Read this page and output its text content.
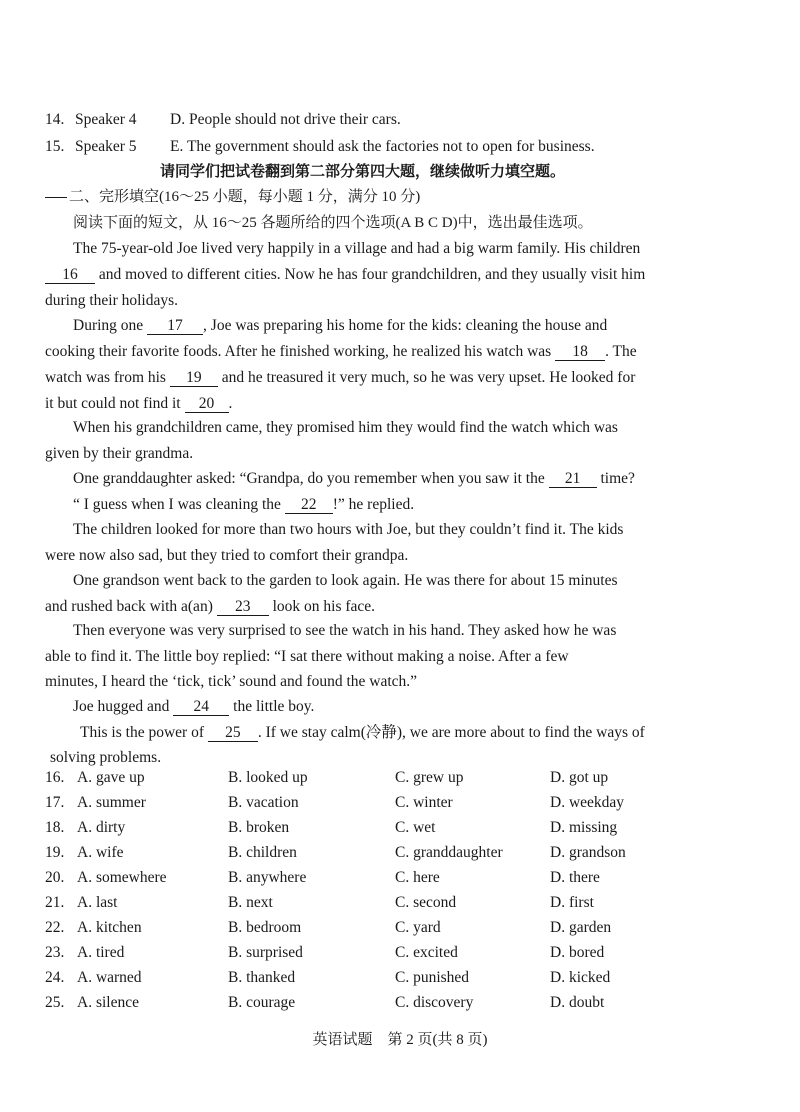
14. Speaker 4 D. People should not drive their cars.
15. Speaker 5 E. The government should ask the factories not to open for business.
请同学们把试卷翻到第二部分第四大题，继续做听力填空题。
二、完形填空(16～25 小题，每小题 1 分，满分 10 分)
阅读下面的短文，从 16～25 各题所给的四个选项(A B C D)中，选出最佳选项。
The 75-year-old Joe lived very happily in a village and had a big warm family. His children
16 and moved to different cities. Now he has four grandchildren, and they usually visit him
during their holidays.
During one 17 , Joe was preparing his home for the kids: cleaning the house and
cooking their favorite foods. After he finished working, he realized his watch was 18 . The
watch was from his 19 and he treasured it very much, so he was very upset. He looked for
it but could not find it 20 .
When his grandchildren came, they promised him they would find the watch which was
given by their grandma.
One granddaughter asked: “Grandpa, do you remember when you saw it the 21 time?
“ I guess when I was cleaning the 22 !” he replied.
The children looked for more than two hours with Joe, but they couldn’t find it. The kids
were now also sad, but they tried to comfort their grandpa.
One grandson went back to the garden to look again. He was there for about 15 minutes
and rushed back with a(an) 23 look on his face.
Then everyone was very surprised to see the watch in his hand. They asked how he was
able to find it. The little boy replied: “I sat there without making a noise. After a few
minutes, I heard the ‘tick, tick’ sound and found the watch.”
Joe hugged and 24 the little boy.
This is the power of 25 . If we stay calm(冷静), we are more about to find the ways of
solving problems.
16. A. gave up	B. looked up	C. grew up	D. got up
17. A. summer	B. vacation	C. winter	D. weekday
18. A. dirty	B. broken	C. wet	D. missing
19. A. wife	B. children	C. granddaughter	D. grandson
20. A. somewhere	B. anywhere	C. here	D. there
21. A. last	B. next	C. second	D. first
22. A. kitchen	B. bedroom	C. yard	D. garden
23. A. tired	B. surprised	C. excited	D. bored
24. A. warned	B. thanked	C. punished	D. kicked
25. A. silence	B. courage	C. discovery	D. doubt
英语试题　第 2 页(共 8 页)
